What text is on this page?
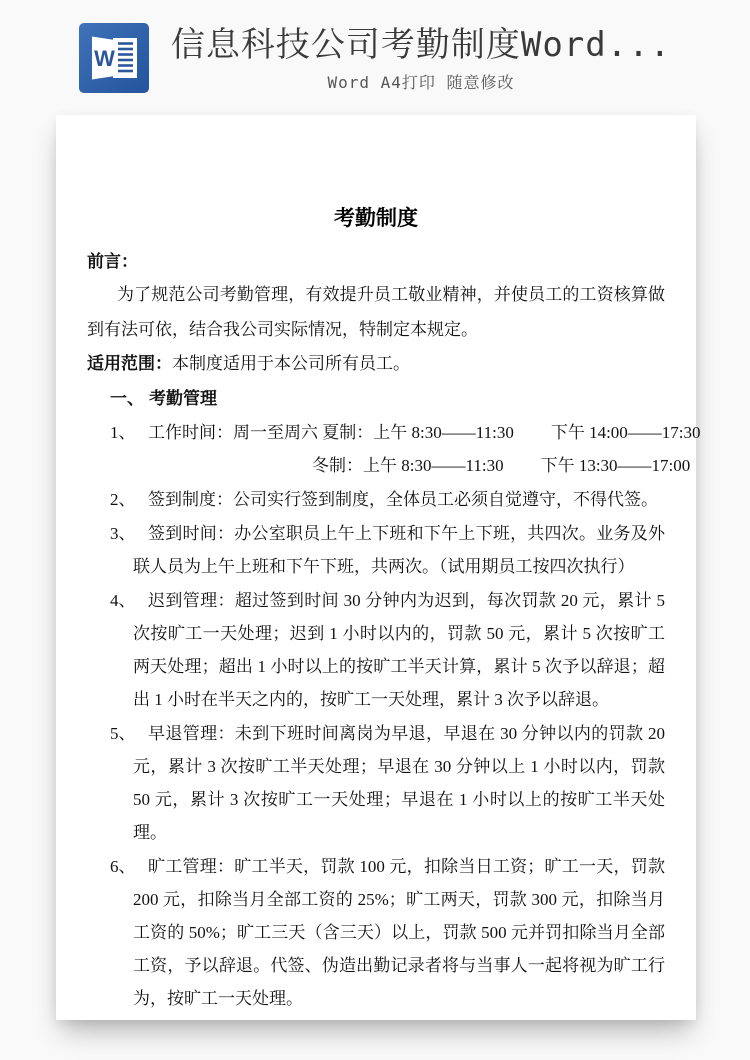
W 信息科技公司考勤制度Word...

Word A4打印 随意修改

考勤制度

前言：

为了规范公司考勤管理，有效提升员工敬业精神，并使员工的工资核算做到有法可依，结合我公司实际情况，特制定本规定。

适用范围：本制度适用于本公司所有员工。

一、 考勤管理
1、 工作时间：周一至周六 夏制：上午 8:30——11:30 下午 14:00——17:30
冬制：上午 8:30——11:30 下午 13:30——17:00
2、 签到制度：公司实行签到制度，全体员工必须自觉遵守，不得代签。
3、 签到时间：办公室职员上午上下班和下午上下班，共四次。业务及外联人员为上午上班和下午下班，共两次。（试用期员工按四次执行）
4、 迟到管理：超过签到时间 30 分钟内为迟到，每次罚款 20 元，累计 5 次按旷工一天处理；迟到 1 小时以内的，罚款 50 元，累计 5 次按旷工两天处理；超出 1 小时以上的按旷工半天计算，累计 5 次予以辞退；超出 1 小时在半天之内的，按旷工一天处理，累计 3 次予以辞退。
5、 早退管理：未到下班时间离岗为早退，早退在 30 分钟以内的罚款 20 元，累计 3 次按旷工半天处理；早退在 30 分钟以上 1 小时以内，罚款 50 元，累计 3 次按旷工一天处理；早退在 1 小时以上的按旷工半天处理。
6、 旷工管理：旷工半天，罚款 100 元，扣除当日工资；旷工一天，罚款 200 元，扣除当月全部工资的 25%；旷工两天，罚款 300 元，扣除当月工资的 50%；旷工三天（含三天）以上，罚款 500 元并罚扣除当月全部工资，予以辞退。代签、伪造出勤记录者将与当事人一起将视为旷工行为，按旷工一天处理。
